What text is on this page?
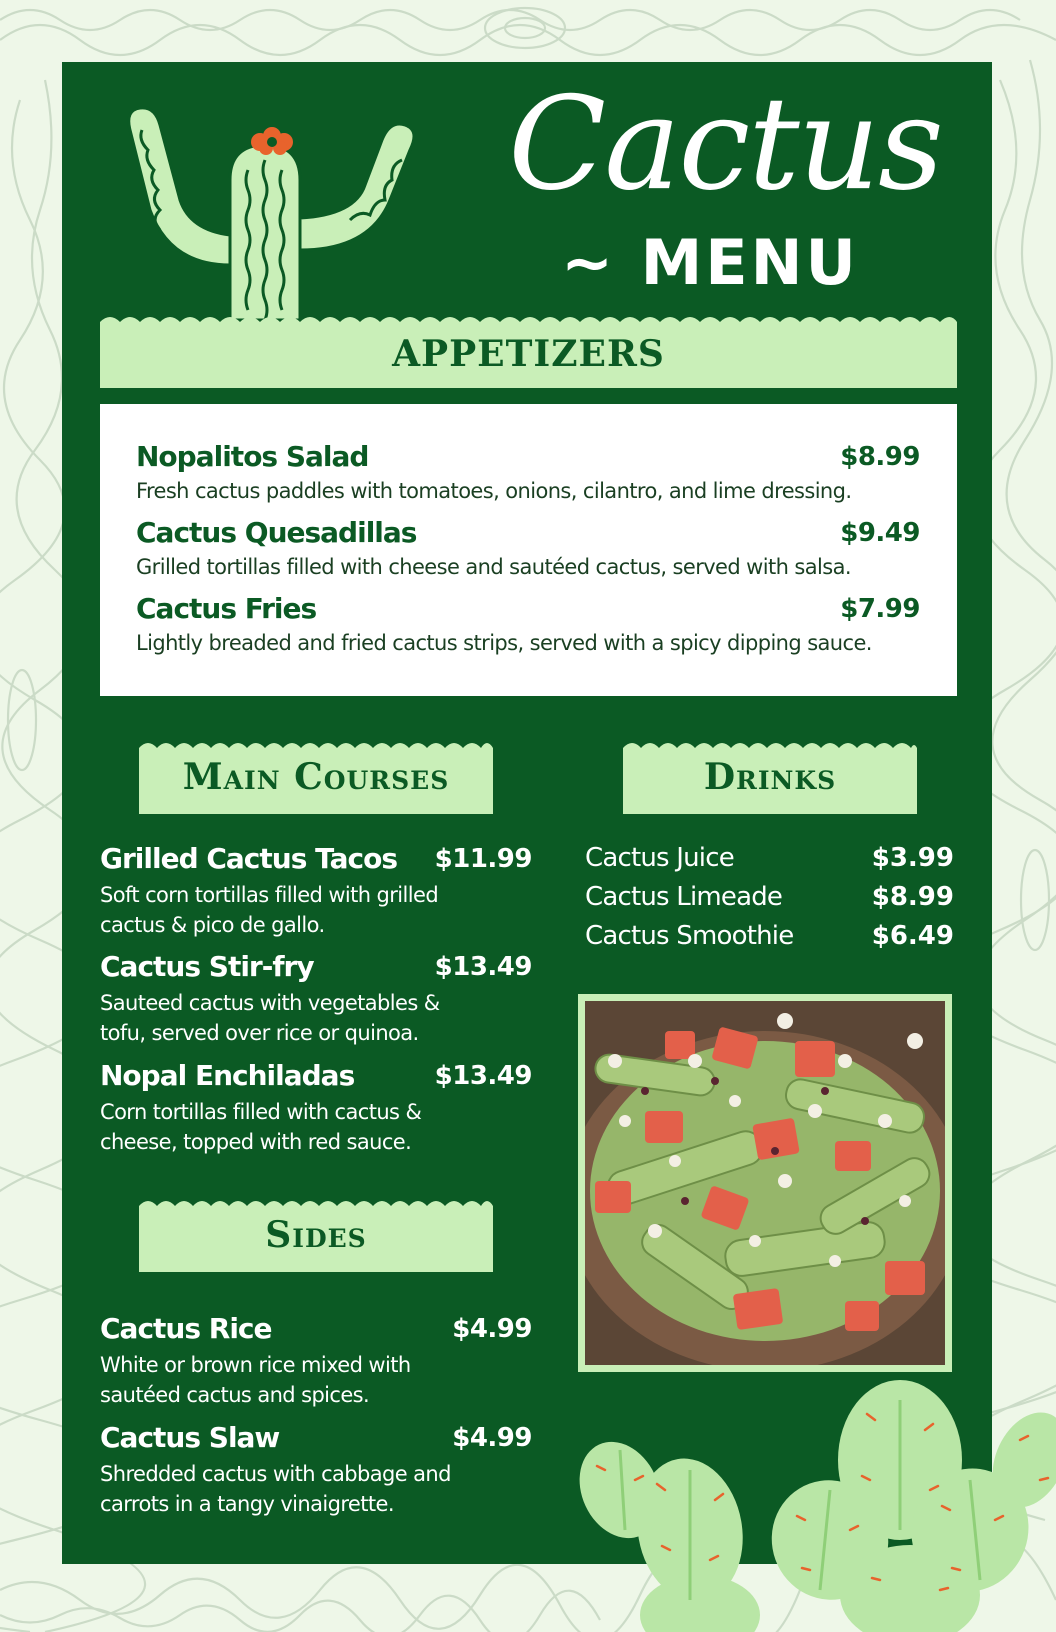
Cactus
~ MENU
APPETIZERS
Nopalitos Salad	$8.99
Fresh cactus paddles with tomatoes, onions, cilantro, and lime dressing.
Cactus Quesadillas	$9.49
Grilled tortillas filled with cheese and sautéed cactus, served with salsa.
Cactus Fries	$7.99
Lightly breaded and fried cactus strips, served with a spicy dipping sauce.
Main Courses	Drinks
Grilled Cactus Tacos	$11.99
Soft corn tortillas filled with grilled
cactus & pico de gallo.
Cactus Stir-fry	$13.49
Sauteed cactus with vegetables &
tofu, served over rice or quinoa.
Nopal Enchiladas	$13.49
Corn tortillas filled with cactus &
cheese, topped with red sauce.
Cactus Juice	$3.99
Cactus Limeade	$8.99
Cactus Smoothie	$6.49
Sides
Cactus Rice	$4.99
White or brown rice mixed with
sautéed cactus and spices.
Cactus Slaw	$4.99
Shredded cactus with cabbage and
carrots in a tangy vinaigrette.
